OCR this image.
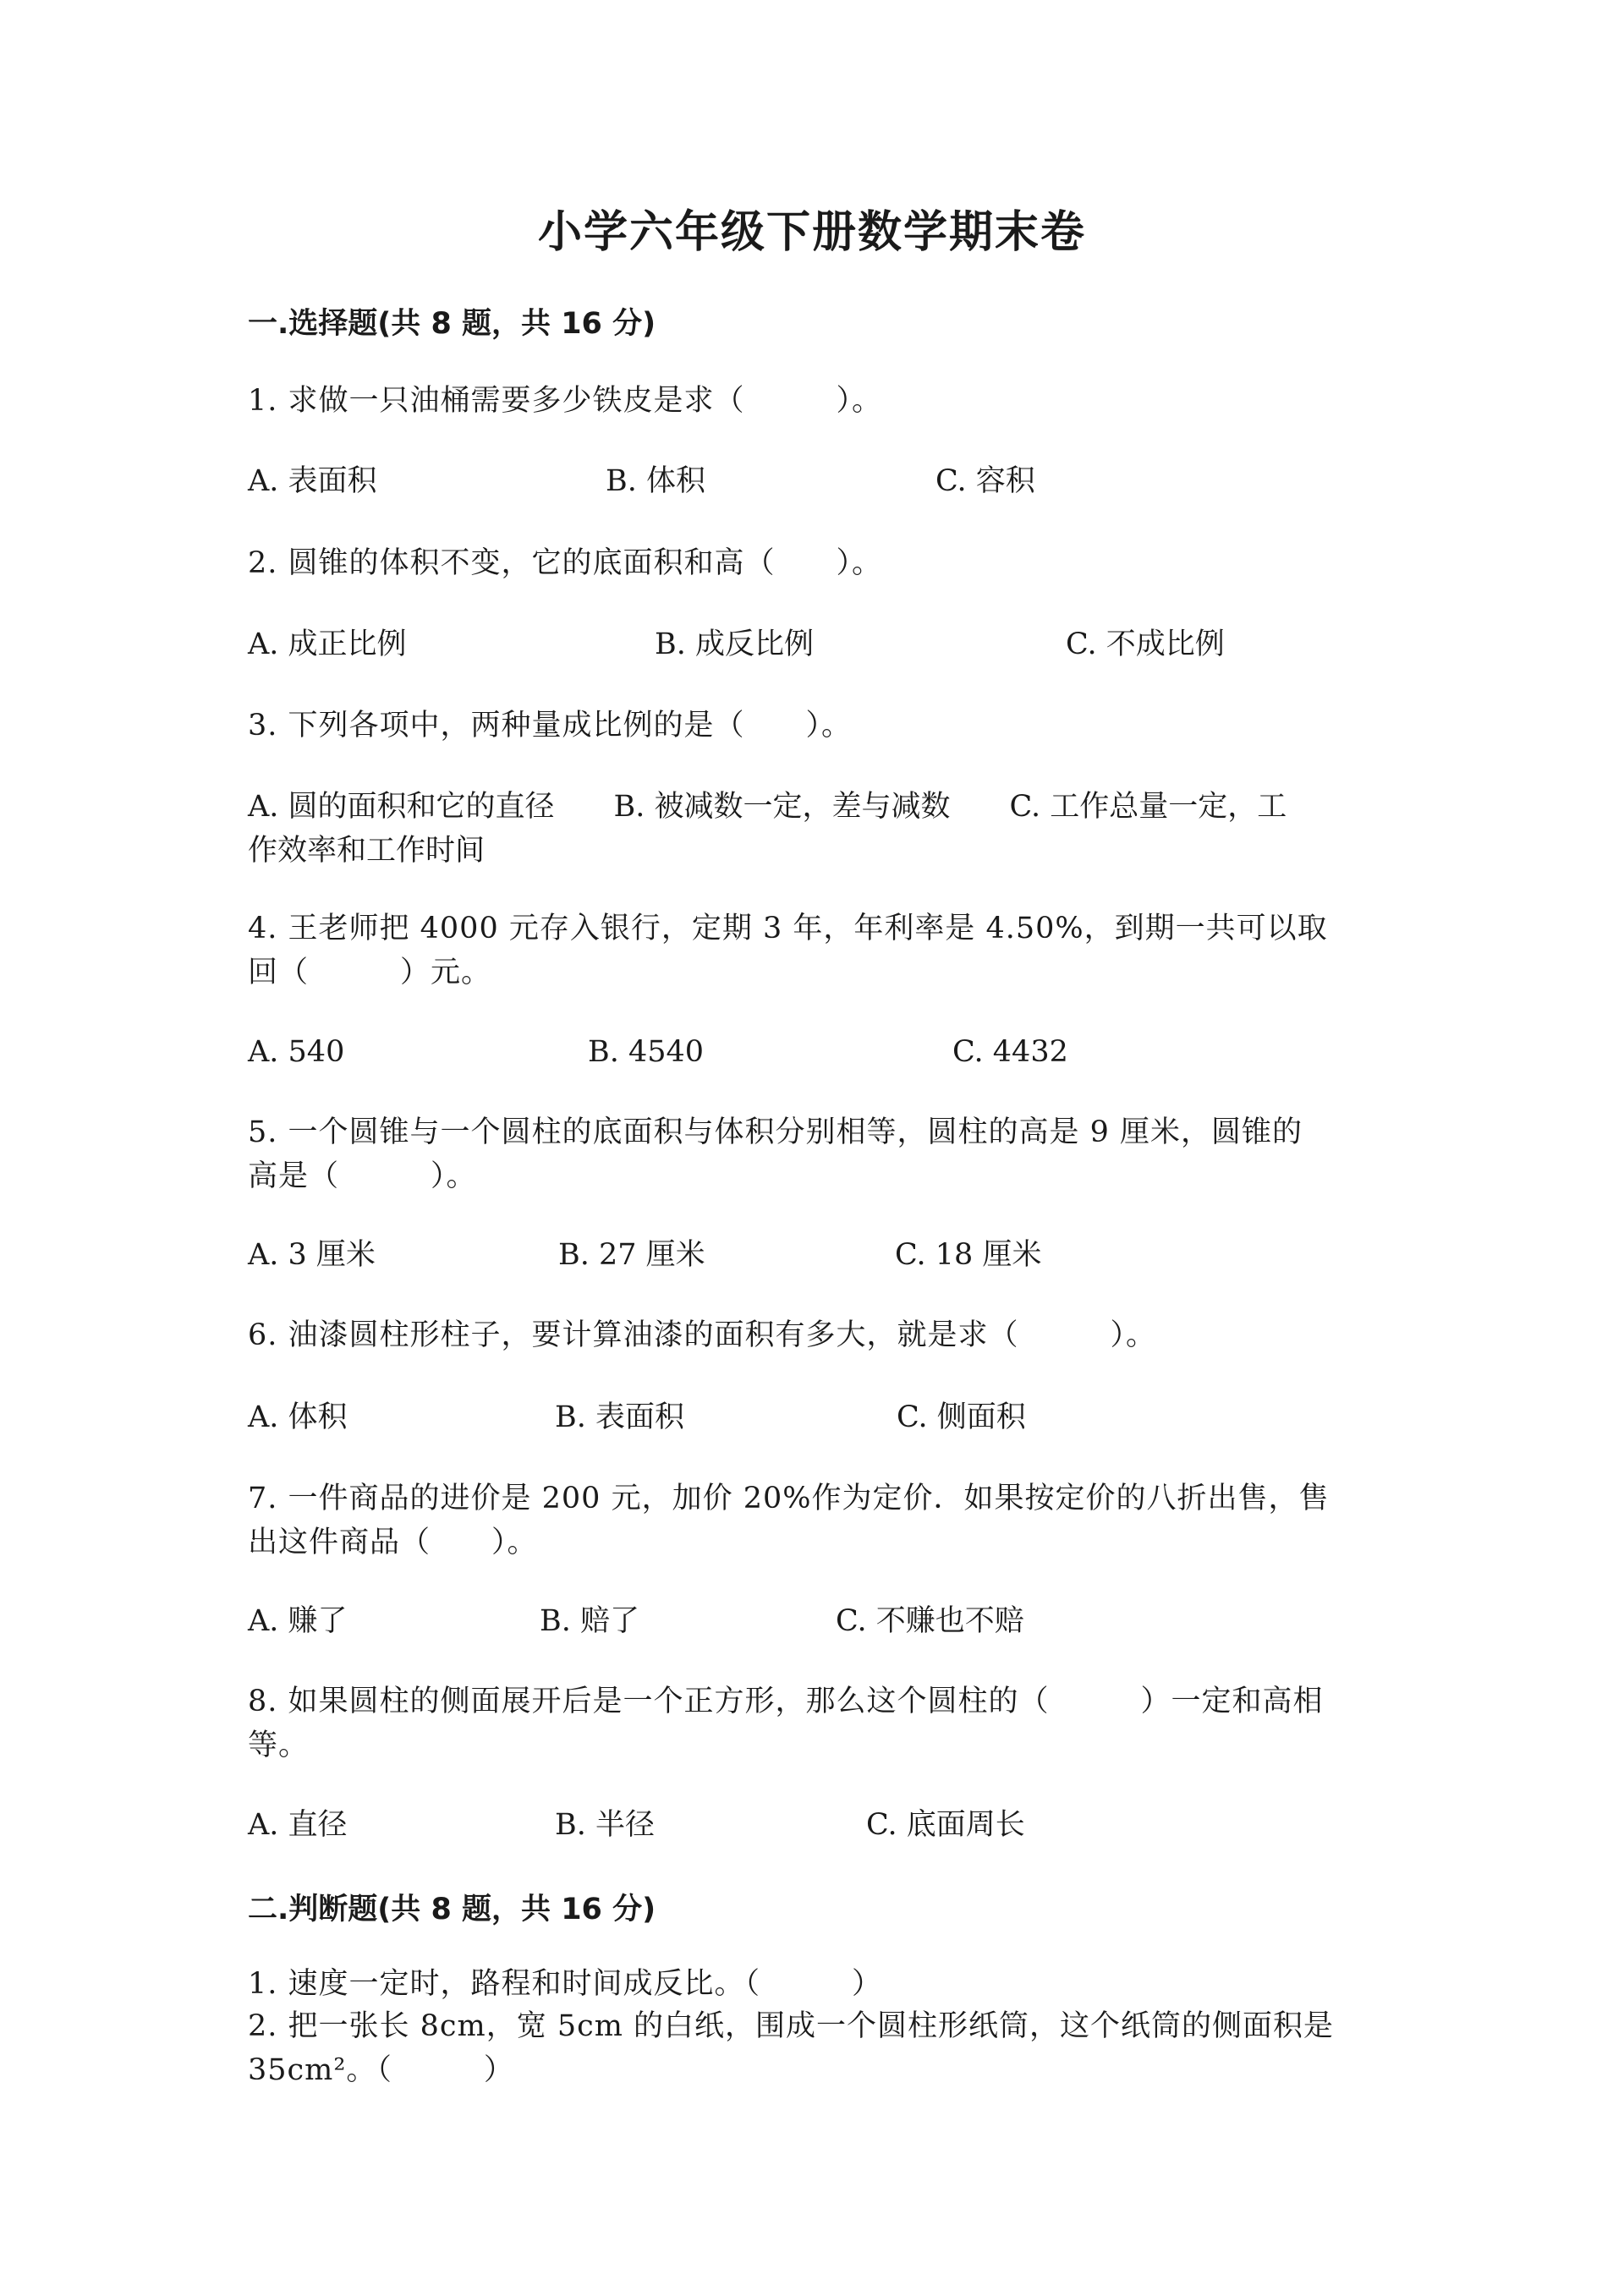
小学六年级下册数学期末卷
一.选择题(共 8 题，共 16 分)
1. 求做一只油桶需要多少铁皮是求（　　　）。
A. 表面积	B. 体积	C. 容积
2. 圆锥的体积不变，它的底面积和高（　　）。
A. 成正比例	B. 成反比例	C. 不成比例
3. 下列各项中，两种量成比例的是（　　）。
A. 圆的面积和它的直径　　B. 被减数一定，差与减数　　C. 工作总量一定，工
作效率和工作时间
4. 王老师把 4000 元存入银行，定期 3 年，年利率是 4.50%，到期一共可以取
回（　　　）元。
A. 540	B. 4540	C. 4432
5. 一个圆锥与一个圆柱的底面积与体积分别相等，圆柱的高是 9 厘米，圆锥的
高是（　　　）。
A. 3 厘米	B. 27 厘米	C. 18 厘米
6. 油漆圆柱形柱子，要计算油漆的面积有多大，就是求（　　　）。
A. 体积	B. 表面积	C. 侧面积
7. 一件商品的进价是 200 元，加价 20%作为定价．如果按定价的八折出售，售
出这件商品（　　）。
A. 赚了	B. 赔了	C. 不赚也不赔
8. 如果圆柱的侧面展开后是一个正方形，那么这个圆柱的（　　　）一定和高相
等。
A. 直径	B. 半径	C. 底面周长
二.判断题(共 8 题，共 16 分)
1. 速度一定时，路程和时间成反比。（　　　）
2. 把一张长 8cm，宽 5cm 的白纸，围成一个圆柱形纸筒，这个纸筒的侧面积是
35cm²。（　　　）
